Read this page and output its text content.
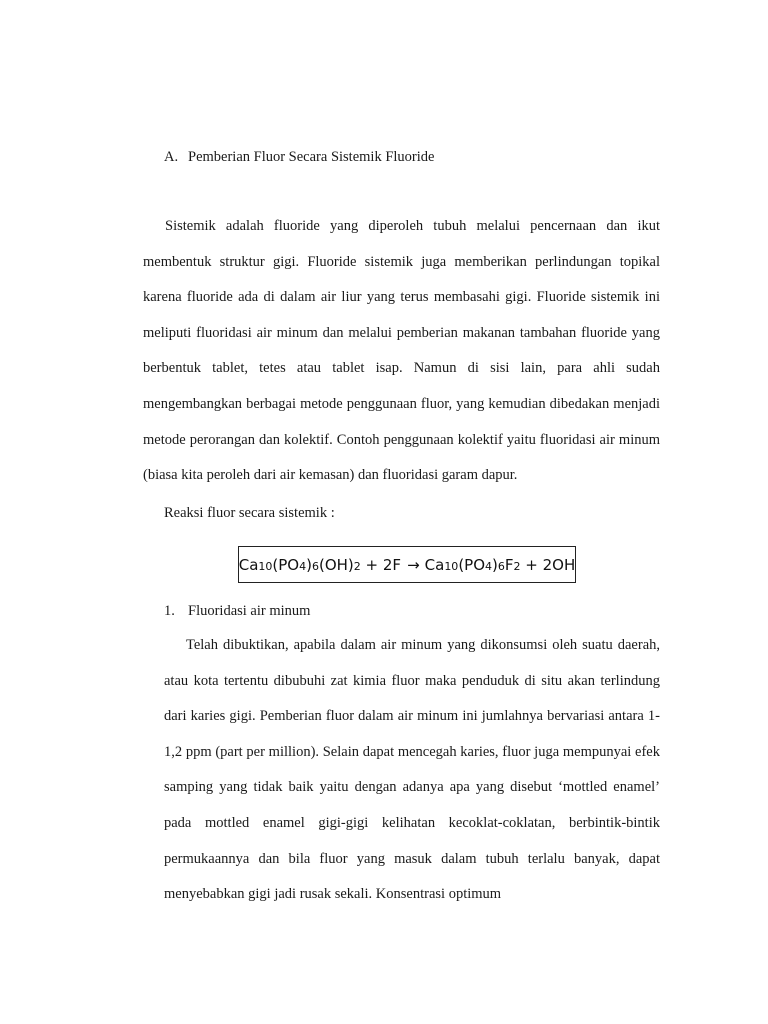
A. Pemberian Fluor Secara Sistemik Fluoride

Sistemik adalah fluoride yang diperoleh tubuh melalui pencernaan dan ikut membentuk struktur gigi. Fluoride sistemik juga memberikan perlindungan topikal karena fluoride ada di dalam air liur yang terus membasahi gigi. Fluoride sistemik ini meliputi fluoridasi air minum dan melalui pemberian makanan tambahan fluoride yang berbentuk tablet, tetes atau tablet isap. Namun di sisi lain, para ahli sudah mengembangkan berbagai metode penggunaan fluor, yang kemudian dibedakan menjadi metode perorangan dan kolektif. Contoh penggunaan kolektif yaitu fluoridasi air minum (biasa kita peroleh dari air kemasan) dan fluoridasi garam dapur.

Reaksi fluor secara sistemik :
Ca10(PO4)6(OH)2 + 2F → Ca10(PO4)6F2 + 2OH
1. Fluoridasi air minum

Telah dibuktikan, apabila dalam air minum yang dikonsumsi oleh suatu daerah, atau kota tertentu dibubuhi zat kimia fluor maka penduduk di situ akan terlindung dari karies gigi. Pemberian fluor dalam air minum ini jumlahnya bervariasi antara 1-1,2 ppm (part per million). Selain dapat mencegah karies, fluor juga mempunyai efek samping yang tidak baik yaitu dengan adanya apa yang disebut ‘mottled enamel’ pada mottled enamel gigi-gigi kelihatan kecoklat-coklatan, berbintik-bintik permukaannya dan bila fluor yang masuk dalam tubuh terlalu banyak, dapat menyebabkan gigi jadi rusak sekali. Konsentrasi optimum
